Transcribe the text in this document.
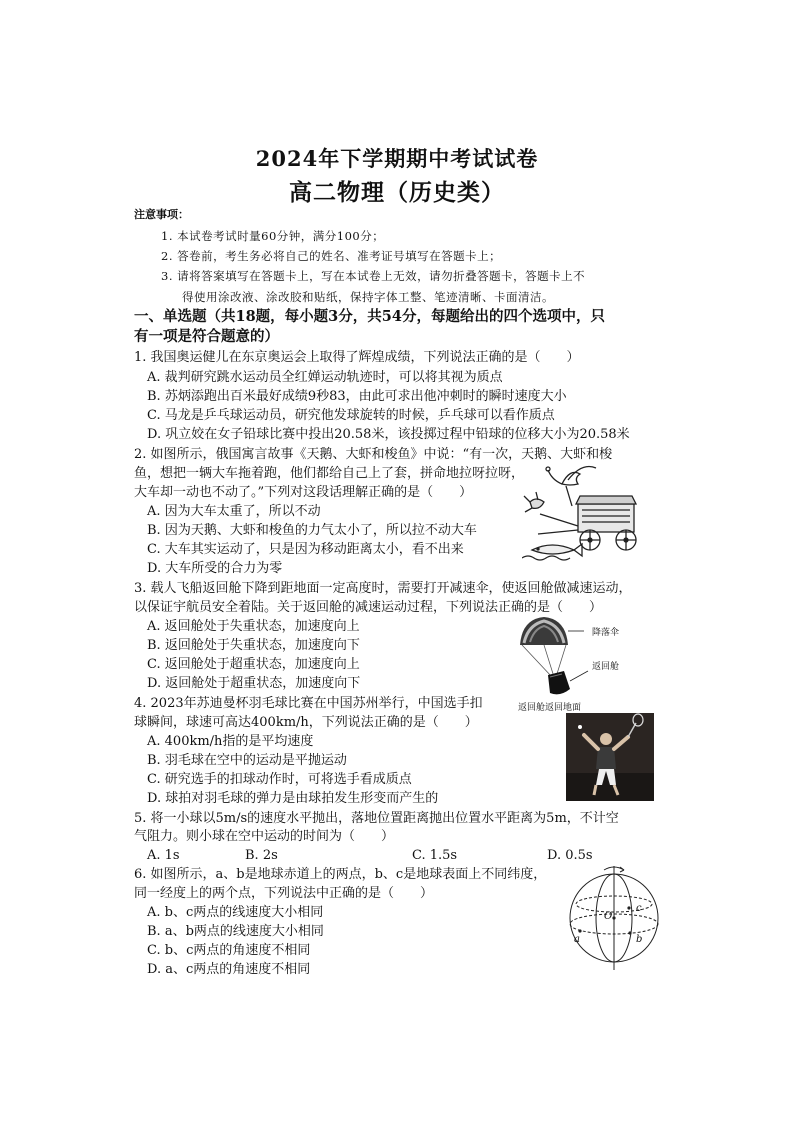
2024年下学期期中考试试卷
高二物理（历史类）
注意事项：
1. 本试卷考试时量60分钟，满分100分；
2. 答卷前，考生务必将自己的姓名、准考证号填写在答题卡上；
3. 请将答案填写在答题卡上，写在本试卷上无效，请勿折叠答题卡，答题卡上不
得使用涂改液、涂改胶和贴纸，保持字体工整、笔迹清晰、卡面清洁。
一、单选题（共18题，每小题3分，共54分，每题给出的四个选项中，只
有一项是符合题意的）
1. 我国奥运健儿在东京奥运会上取得了辉煌成绩，下列说法正确的是（　　）
A. 裁判研究跳水运动员全红婵运动轨迹时，可以将其视为质点
B. 苏炳添跑出百米最好成绩9秒83，由此可求出他冲刺时的瞬时速度大小
C. 马龙是乒乓球运动员，研究他发球旋转的时候，乒乓球可以看作质点
D. 巩立姣在女子铅球比赛中投出20.58米，该投掷过程中铅球的位移大小为20.58米
2. 如图所示，俄国寓言故事《天鹅、大虾和梭鱼》中说：“有一次，天鹅、大虾和梭
鱼，想把一辆大车拖着跑，他们都给自己上了套，拼命地拉呀拉呀，
大车却一动也不动了。”下列对这段话理解正确的是（　　）
A. 因为大车太重了，所以不动
B. 因为天鹅、大虾和梭鱼的力气太小了，所以拉不动大车
C. 大车其实运动了，只是因为移动距离太小，看不出来
D. 大车所受的合力为零
3. 载人飞船返回舱下降到距地面一定高度时，需要打开减速伞，使返回舱做减速运动，
以保证宇航员安全着陆。关于返回舱的减速运动过程，下列说法正确的是（　　）
A. 返回舱处于失重状态，加速度向上
B. 返回舱处于失重状态，加速度向下
C. 返回舱处于超重状态，加速度向上
D. 返回舱处于超重状态，加速度向下
降落伞
返回舱
返回舱返回地面
4. 2023年苏迪曼杯羽毛球比赛在中国苏州举行，中国选手扣
球瞬间，球速可高达400km/h，下列说法正确的是（　　）
A. 400km/h指的是平均速度
B. 羽毛球在空中的运动是平抛运动
C. 研究选手的扣球动作时，可将选手看成质点
D. 球拍对羽毛球的弹力是由球拍发生形变而产生的
5. 将一小球以5m/s的速度水平抛出，落地位置距离抛出位置水平距离为5m，不计空
气阻力。则小球在空中运动的时间为（　　）
A. 1s	B. 2s	C. 1.5s	D. 0.5s
6. 如图所示，a、b是地球赤道上的两点，b、c是地球表面上不同纬度，
同一经度上的两个点，下列说法中正确的是（　　）
A. b、c两点的线速度大小相同
B. a、b两点的线速度大小相同
C. b、c两点的角速度不相同
D. a、c两点的角速度不相同
O
c
b
a
